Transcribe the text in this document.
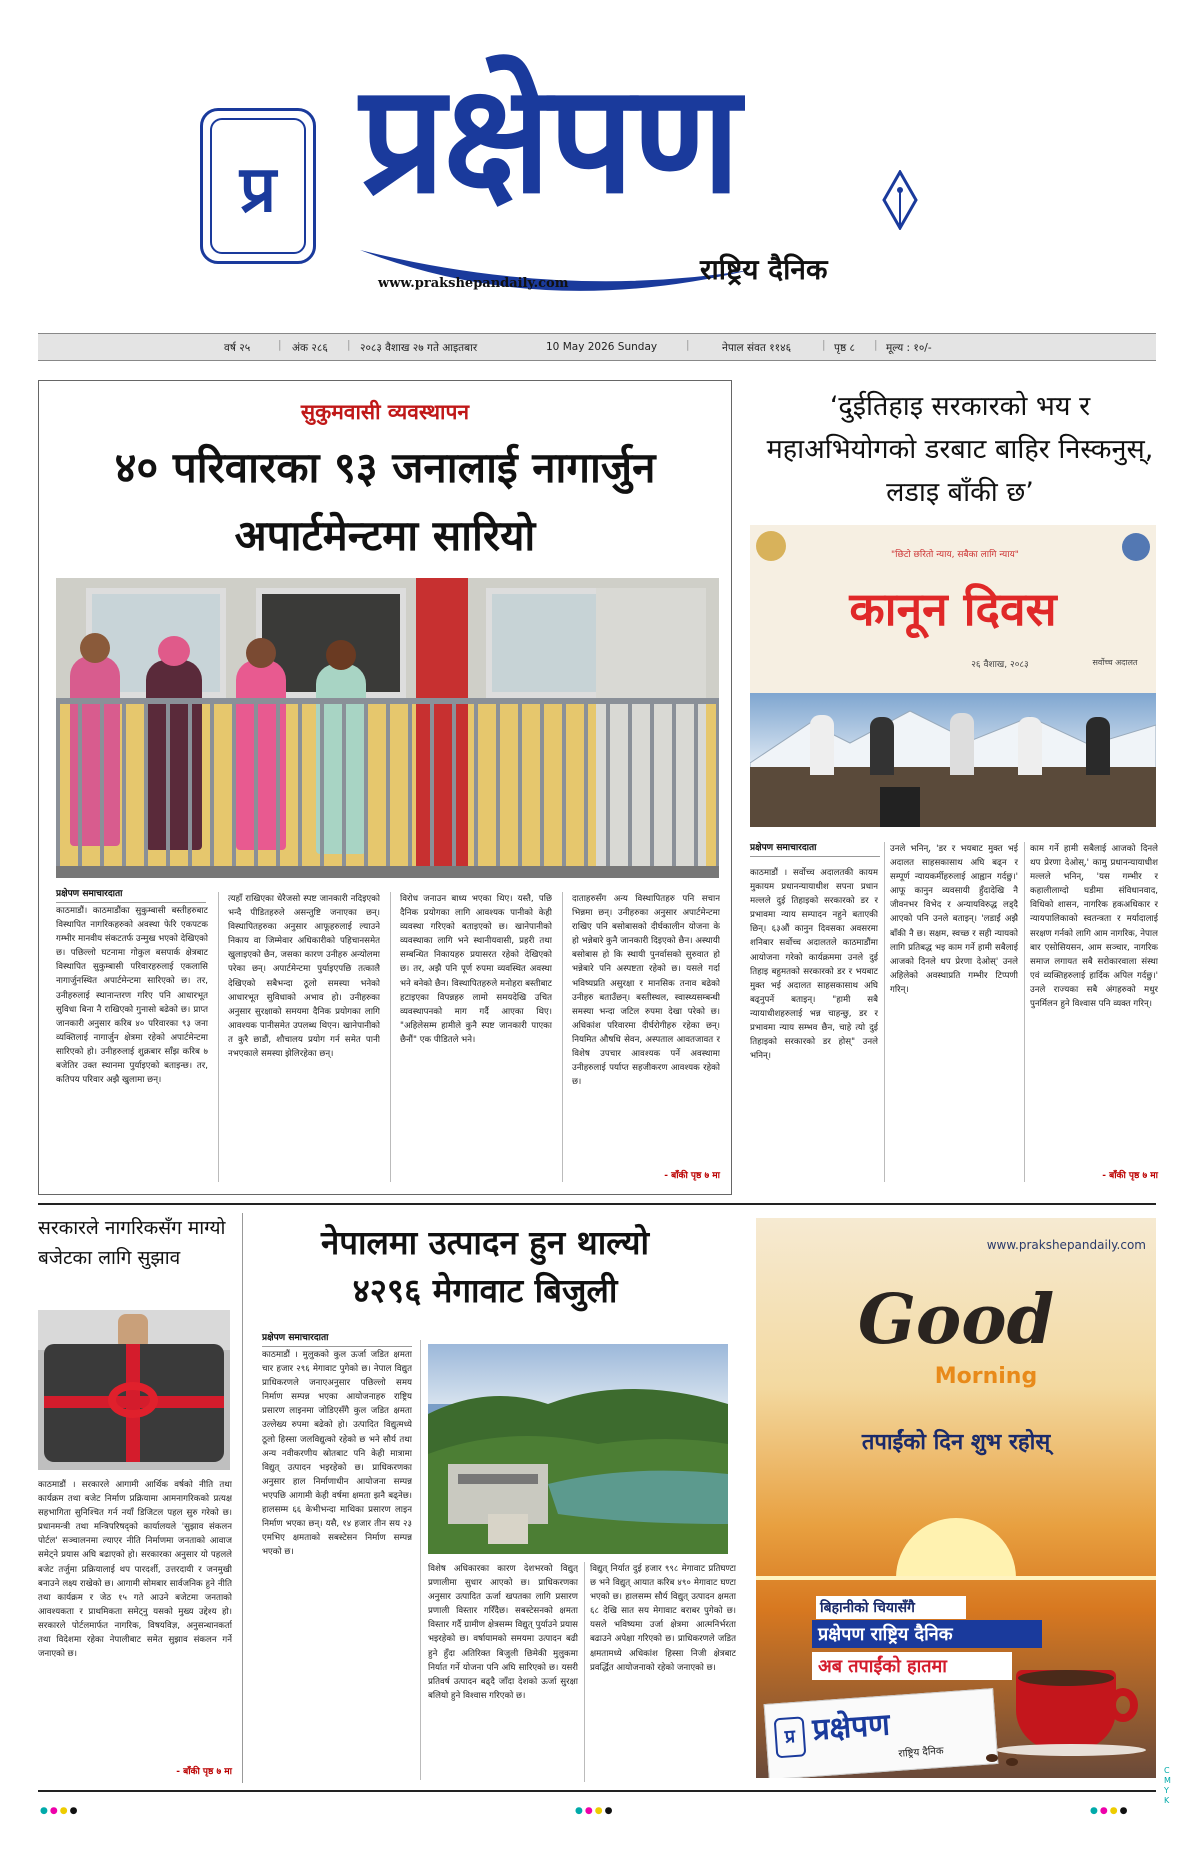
प्र प्रक्षेपण
राष्ट्रिय दैनिक
www.prakshepandaily.com
वर्ष २५	| अंक २८६ | २०८३ वैशाख २७ गते आइतबार	10 May 2026 Sunday	|	नेपाल संवत ११४६	| पृष्ठ ८ | मूल्य : १०/-
सुकुमवासी व्यवस्थापन
४० परिवारका ९३ जनालाई नागार्जुन
अपार्टमेन्टमा सारियो
प्रक्षेपण समाचारदाता
काठमाडौं। काठमाडौंका सुकुम्बासी बस्तीहरुबाट विस्थापित नागरिकहरुको अवस्था फेरि एकपटक गम्भीर मानवीय संकटतर्फ उन्मुख भएको देखिएको छ। पछिल्लो घटनामा गोकुल बसपार्क क्षेत्रबाट विस्थापित सुकुम्बासी परिवारहरुलाई एकलासि नागार्जुनस्थित अपार्टमेन्टमा सारिएको छ। तर, उनीहरुलाई स्थानान्तरण गरिए पनि आधारभूत सुविधा बिना नै राखिएको गुनासो बढेको छ। प्राप्त जानकारी अनुसार करिब ४० परिवारका ९३ जना व्यक्तिलाई नागार्जुन क्षेत्रमा रहेको अपार्टमेन्टमा सारिएको हो। उनीहरुलाई शुक्रबार साँझ करिब ७ बजेतिर उक्त स्थानमा पुर्याइएको बताइन्छ। तर, कतिपय परिवार अझै खुलामा छन्।
त्यहाँ राखिएका धेरैजसो स्पष्ट जानकारी नदिइएको भन्दै पीडितहरुले असन्तुष्टि जनाएका छन्। विस्थापितहरुका अनुसार आफूहरुलाई ल्याउने निकाय वा जिम्मेवार अधिकारीको पहिचानसमेत खुलाइएको छैन, जसका कारण उनीहरु अन्योलमा परेका छन्। अपार्टमेन्टमा पुर्याइएपछि तत्कालै देखिएको सबैभन्दा ठूलो समस्या भनेको आधारभूत सुविधाको अभाव हो। उनीहरुका अनुसार सुरक्षाको समयमा दैनिक प्रयोगका लागि आवश्यक पानीसमेत उपलब्ध थिएन। खानेपानीको त कुरै छाडौं, शौचालय प्रयोग गर्न समेत पानी नभएकाले समस्या झेलिरहेका छन्।
विरोध जनाउन बाध्य भएका थिए। यस्तै, पछि दैनिक प्रयोगका लागि आवश्यक पानीको केही व्यवस्था गरिएको बताइएको छ। खानेपानीको व्यवस्थाका लागि भने स्थानीयवासी, प्रहरी तथा सम्बन्धित निकायहरु प्रयासरत रहेको देखिएको छ। तर, अझै पनि पूर्ण रुपमा व्यवस्थित अवस्था भने बनेको छैन। विस्थापितहरुले मनोहरा बस्तीबाट हटाइएका विपन्नहरु लामो समयदेखि उचित व्यवस्थापनको माग गर्दै आएका थिए। "अहिलेसम्म हामीले कुनै स्पष्ट जानकारी पाएका छैनौं" एक पीडितले भने।
दाताहरुसँग अन्य विस्थापितहरु पनि सचान भिन्नमा छन्। उनीहरुका अनुसार अपार्टमेन्टमा राखिए पनि बसोबासको दीर्घकालीन योजना के हो भन्नेबारे कुनै जानकारी दिइएको छैन। अस्थायी बसोबास हो कि स्थायी पुनर्वासको सुरुवात हो भन्नेबारे पनि अस्पष्टता रहेको छ। यसले गर्दा भविष्यप्रति असुरक्षा र मानसिक तनाव बढेको उनीहरु बताउँछन्। बस्तीस्थल, स्वास्थ्यसम्बन्धी समस्या भन्दा जटिल रुपमा देखा परेको छ। अधिकांश परिवारमा दीर्घरोगीहरु रहेका छन्। नियमित औषधि सेवन, अस्पताल आवतजावत र विशेष उपचार आवश्यक पर्ने अवस्थामा उनीहरुलाई पर्याप्त सहजीकरण आवश्यक रहेको छ।
- बाँकी पृष्ठ ७ मा
‘दुईतिहाइ सरकारको भय र महाअभियोगको डरबाट बाहिर निस्कनुस्, लडाइ बाँकी छ’
"छिटो छरितो न्याय, सबैका लागि न्याय"
कानून दिवस
२६ वैशाख, २०८३	सर्वोच्च अदालत
प्रक्षेपण समाचारदाता
काठमाडौं । सर्वोच्च अदालतकी कायम मुकायम प्रधानन्यायाधीश सपना प्रधान मल्लले दुई तिहाइको सरकारको डर र प्रभावमा न्याय सम्पादन नहुने बताएकी छिन्। ६३औं कानुन दिवसका अवसरमा शनिबार सर्वोच्च अदालतले काठमाडौंमा आयोजना गरेको कार्यक्रममा उनले दुई तिहाइ बहुमतको सरकारको डर र भयबाट मुक्त भई अदालत साहसकासाथ अघि बढ्नुपर्ने बताइन्। "हामी सबै न्यायाधीशहरुलाई भन्न चाहन्छु, डर र प्रभावमा न्याय सम्भव छैन, चाहे त्यो दुई तिहाइको सरकारको डर होस्" उनले भनिन्।
उनले भनिन्, 'डर र भयबाट मुक्त भई अदालत साहसकासाथ अघि बढ्न र सम्पूर्ण न्यायकर्मीहरुलाई आह्वान गर्दछु।' आफू कानुन व्यवसायी हुँदादेखि नै जीवनभर विभेद र अन्यायविरुद्ध लड्दै आएको पनि उनले बताइन्। 'लडाईं अझै बाँकी नै छ। सक्षम, स्वच्छ र सही न्यायको लागि प्रतिबद्ध भइ काम गर्ने हामी सबैलाई आजको दिनले थप प्रेरणा देओस्' उनले अहिलेको अवस्थाप्रति गम्भीर टिप्पणी गरिन्।
काम गर्ने हामी सबैलाई आजको दिनले थप प्रेरणा देओस्,' कामु प्रधानन्यायाधीश मल्लले भनिन्, 'यस गम्भीर र कहालीलाग्दो घडीमा संविधानवाद, विधिको शासन, नागरिक हकअधिकार र न्यायपालिकाको स्वतन्त्रता र मर्यादालाई सरक्षण गर्नको लागि आम नागरिक, नेपाल बार एसोसियसन, आम सञ्चार, नागरिक समाज लगायत सबै सरोकारवाला संस्था एवं व्यक्तिहरुलाई हार्दिक अपिल गर्दछु।' उनले राज्यका सबै अंगहरुको मधुर पुनर्मिलन हुने विश्वास पनि व्यक्त गरिन्।
- बाँकी पृष्ठ ७ मा
सरकारले नागरिकसँग माग्यो बजेटका लागि सुझाव
काठमाडौं । सरकारले आगामी आर्थिक वर्षको नीति तथा कार्यक्रम तथा बजेट निर्माण प्रक्रियामा आमनागरिकको प्रत्यक्ष सहभागिता सुनिश्चित गर्न नयाँ डिजिटल पहल सुरु गरेको छ। प्रधानमन्त्री तथा मन्त्रिपरिषद्को कार्यालयले 'सुझाव संकलन पोर्टल' सञ्चालनमा ल्याएर नीति निर्माणमा जनताको आवाज समेट्ने प्रयास अघि बढाएको हो। सरकारका अनुसार यो पहलले बजेट तर्जुमा प्रक्रियालाई थप पारदर्शी, उत्तरदायी र जनमुखी बनाउने लक्ष्य राखेको छ। आगामी सोमबार सार्वजनिक हुने नीति तथा कार्यक्रम र जेठ १५ गते आउने बजेटमा जनताको आवश्यकता र प्राथमिकता समेट्नु यसको मुख्य उद्देश्य हो। सरकारले पोर्टलमार्फत नागरिक, विषयविज्ञ, अनुसन्धानकर्ता तथा विदेशमा रहेका नेपालीबाट समेत सुझाव संकलन गर्ने जनाएको छ।
- बाँकी पृष्ठ ७ मा
नेपालमा उत्पादन हुन थाल्यो
४२९६ मेगावाट बिजुली
प्रक्षेपण समाचारदाता
काठमाडौं । मुलुकको कुल ऊर्जा जडित क्षमता चार हजार २९६ मेगावाट पुगेको छ। नेपाल विद्युत प्राधिकरणले जनाएअनुसार पछिल्लो समय निर्माण सम्पन्न भएका आयोजनाहरु राष्ट्रिय प्रसारण लाइनमा जोडिएसँगै कुल जडित क्षमता उल्लेख्य रुपमा बढेको हो। उत्पादित विद्युत्मध्ये ठूलो हिस्सा जलविद्युत्को रहेको छ भने सौर्य तथा अन्य नवीकरणीय स्रोतबाट पनि केही मात्रामा विद्युत् उत्पादन भइरहेको छ। प्राधिकरणका अनुसार हाल निर्माणाधीन आयोजना सम्पन्न भएपछि आगामी केही वर्षमा क्षमता झनै बढ्नेछ। हालसम्म ६६ केभीभन्दा माथिका प्रसारण लाइन निर्माण भएका छन्। यसै, १४ हजार तीन सय २३ एमभिए क्षमताको सबस्टेसन निर्माण सम्पन्न भएको छ।
विशेष अधिकारका कारण देशभरको विद्युत् प्रणालीमा सुधार आएको छ। प्राधिकरणका अनुसार उत्पादित ऊर्जा खपतका लागि प्रसारण प्रणाली विस्तार गरिँदैछ। सबस्टेसनको क्षमता विस्तार गर्दै ग्रामीण क्षेत्रसम्म विद्युत् पुर्याउने प्रयास भइरहेको छ। वर्षायामको समयमा उत्पादन बढी हुने हुँदा अतिरिक्त बिजुली छिमेकी मुलुकमा निर्यात गर्ने योजना पनि अघि सारिएको छ। यसरी प्रतिवर्ष उत्पादन बढ्दै जाँदा देशको ऊर्जा सुरक्षा बलियो हुने विश्वास गरिएको छ।
विद्युत् निर्यात दुई हजार ९९८ मेगावाट प्रतिघण्टा छ भने विद्युत् आयात करिब ४९० मेगावाट घण्टा भएको छ। हालसम्म सौर्य विद्युत् उत्पादन क्षमता ६८ देखि सात सय मेगावाट बराबर पुगेको छ। यसले भविष्यमा उर्जा क्षेत्रमा आत्मनिर्भरता बढाउने अपेक्षा गरिएको छ। प्राधिकरणले जडित क्षमतामध्ये अधिकांश हिस्सा निजी क्षेत्रबाट प्रवर्द्धित आयोजनाको रहेको जनाएको छ।
www.prakshepandaily.com
Good
Morning
तपाईंको दिन शुभ रहोस्
बिहानीको चियासँगै
प्रक्षेपण राष्ट्रिय दैनिक
अब तपाईंको हातमा
प्र प्रक्षेपण
राष्ट्रिय दैनिक
●●●●	●●●●	●●●●
CMYK
